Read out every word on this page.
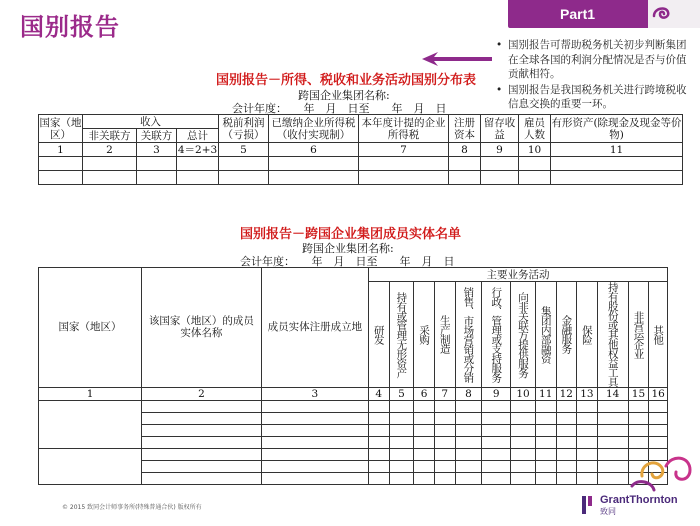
国别报告	Part1
• 国别报告可帮助税务机关初步判断集团在全球各国的利润分配情况是否与价值贡献相符。
• 国别报告是我国税务机关进行跨境税收信息交换的重要一环。
国别报告－所得、税收和业务活动国别分布表
跨国企业集团名称:
会计年度：　　年　月　日至　　年　月　日
国家（地区）	收入			税前利润（亏损）	已缴纳企业所得税（收付实现制）	本年度计提的企业所得税	注册资本	留存收益	雇员人数	有形资产(除现金及现金等价物)
	非关联方	关联方	总计							
1	2	3	4＝2+3	5	6	7	8	9	10	11

国别报告－跨国企业集团成员实体名单
跨国企业集团名称:
会计年度：　　年　月　日至　　年　月　日
国家（地区）	该国家（地区）的成员实体名称	成员实体注册成立地	主要业务活动												

			研发	持有或管理无形资产	采购	生产制造	销售、市场营销或分销	行政、管理或支持服务	向非关联方提供服务	集团内部融资	金融服务	保险	持有股份或其他权益工具	非营运企业	其他

1	2	3	4	5	6	7	8	9	10	11	12	13	14	15	16

© 2015 致同会计师事务所(特殊普通合伙) 版权所有
GrantThornton
致同
